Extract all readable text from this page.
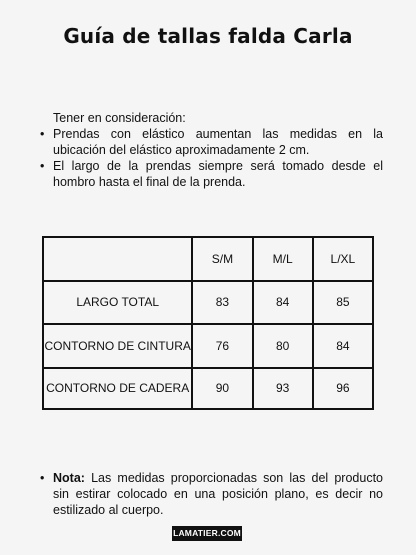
Guía de tallas falda Carla
Tener en consideración:
• Prendas con elástico aumentan las medidas en la ubicación del elástico aproximadamente 2 cm.
• El largo de la prendas siempre será tomado desde el hombro hasta el final de la prenda.
	S/M	M/L	L/XL
LARGO TOTAL	83	84	85
CONTORNO DE CINTURA	76	80	84
CONTORNO DE CADERA	90	93	96

• Nota: Las medidas proporcionadas son las del producto sin estirar colocado en una posición plano, es decir no estilizado al cuerpo.

LAMATIER.COM
